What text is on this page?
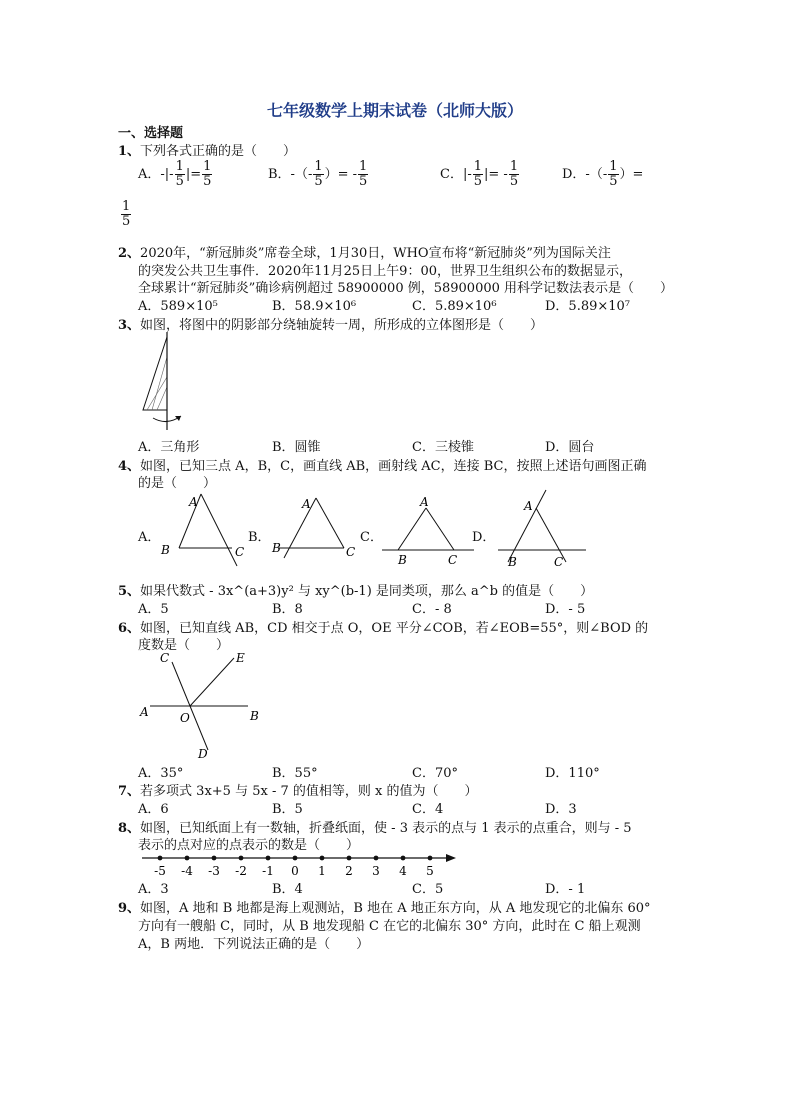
七年级数学上期末试卷（北师大版）
一、选择题
1、下列各式正确的是（　　）
A．-|- $\frac{1}{5}$ |= $\frac{1}{5}$	B．-（- $\frac{1}{5}$ ）= - $\frac{1}{5}$	C．|- $\frac{1}{5}$ |= - $\frac{1}{5}$	D．-（- $\frac{1}{5}$ ）=
$\frac{1}{5}$
2、2020年，“新冠肺炎”席卷全球，1月30日，WHO宣布将“新冠肺炎”列为国际关注
的突发公共卫生事件．2020年11月25日上午9：00，世界卫生组织公布的数据显示，
全球累计“新冠肺炎”确诊病例超过 58900000 例，58900000 用科学记数法表示是（　　）
A．589×10⁵	B．58.9×10⁶	C．5.89×10⁶	D．5.89×10⁷
3、如图，将图中的阴影部分绕轴旋转一周，所形成的立体图形是（　　）
A．三角形	B．圆锥	C．三棱锥	D．圆台
4、如图，已知三点 A，B，C，画直线 AB，画射线 AC，连接 BC，按照上述语句画图正确
的是（　　）
A．
A
B	C
B．
A
B	C
C．
A
B	C
D．
A
B	C
5、如果代数式 - 3x^(a+3)y² 与 xy^(b-1) 是同类项，那么 a^b 的值是（　　）
A．5	B．8	C．- 8	D．- 5
6、如图，已知直线 AB，CD 相交于点 O，OE 平分∠COB，若∠EOB=55°，则∠BOD 的
度数是（　　）
A	B
C
D
E
O
A．35°	B．55°	C．70°	D．110°
7、若多项式 3x+5 与 5x - 7 的值相等，则 x 的值为（　　）
A．6	B．5	C．4	D．3
8、如图，已知纸面上有一数轴，折叠纸面，使 - 3 表示的点与 1 表示的点重合，则与 - 5
表示的点对应的点表示的数是（　　）
-5 -4 -3 -2 -1 0 1 2 3 4 5
A．3	B．4	C．5	D．- 1
9、如图，A 地和 B 地都是海上观测站，B 地在 A 地正东方向，从 A 地发现它的北偏东 60°
方向有一艘船 C，同时，从 B 地发现船 C 在它的北偏东 30° 方向，此时在 C 船上观测
A，B 两地．下列说法正确的是（　　）
